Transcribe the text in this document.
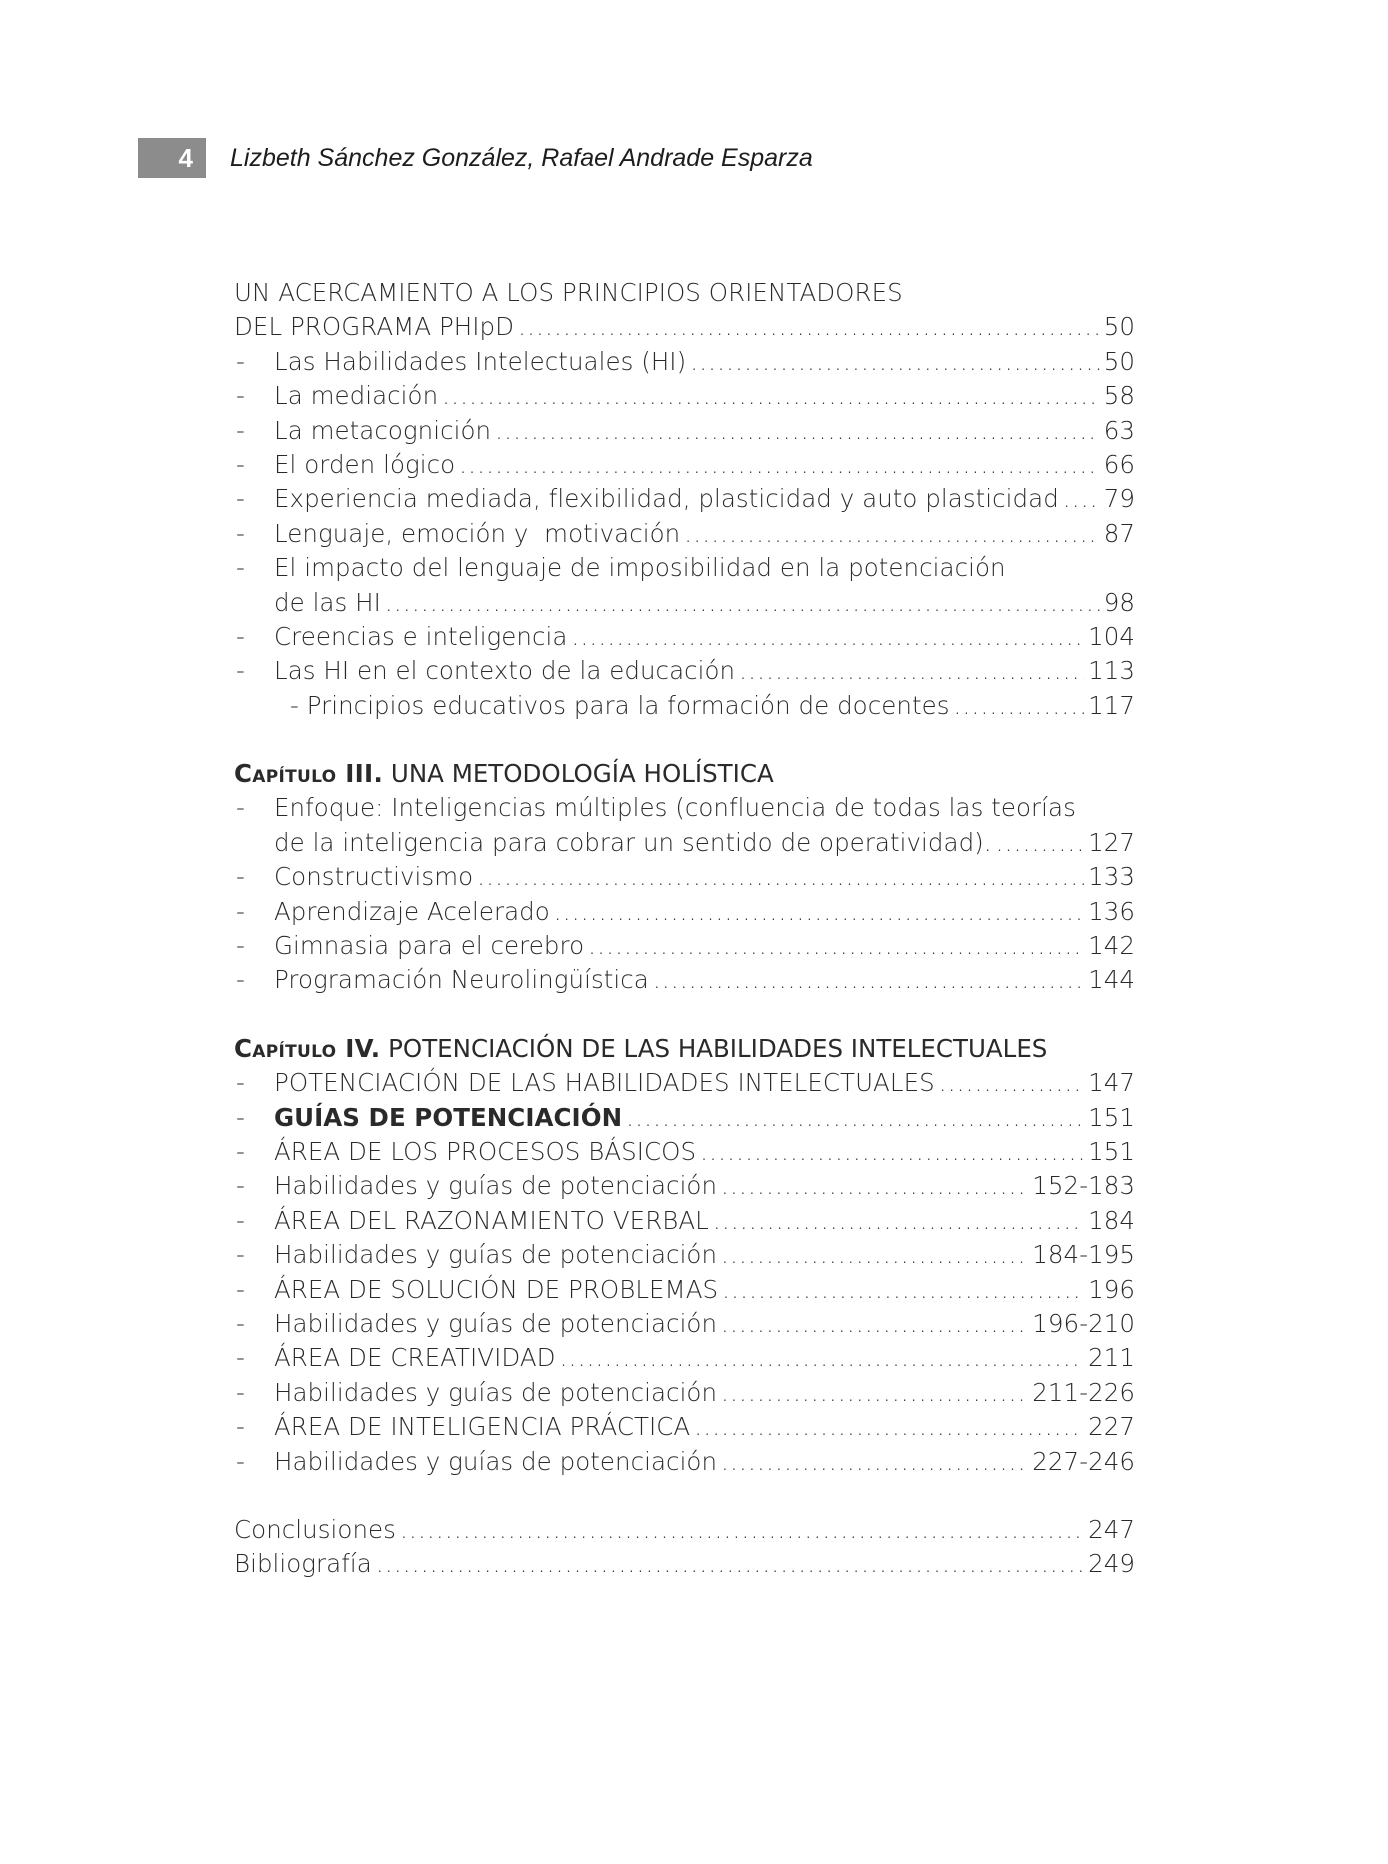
4	Lizbeth Sánchez González, Rafael Andrade Esparza
UN ACERCAMIENTO A LOS PRINCIPIOS ORIENTADORES
DEL PROGRAMA PHIpD .....	50
- Las Habilidades Intelectuales (HI) .....	50
- La mediación .....	58
- La metacognición .....	63
- El orden lógico .....	66
- Experiencia mediada, flexibilidad, plasticidad y auto plasticidad ..... 79
- Lenguaje, emoción y  motivación .....	87
- El impacto del lenguaje de imposibilidad en la potenciación
de las HI .....	98
- Creencias e inteligencia .....	104
- Las HI en el contexto de la educación .....	113
- Principios educativos para la formación de docentes .....	117
Capítulo III. UNA METODOLOGÍA HOLÍSTICA
- Enfoque: Inteligencias múltiples (confluencia de todas las teorías
de la inteligencia para cobrar un sentido de operatividad). .....	127
- Constructivismo .....	133
- Aprendizaje Acelerado .....	136
- Gimnasia para el cerebro .....	142
- Programación Neurolingüística .....	144
Capítulo IV. POTENCIACIÓN DE LAS HABILIDADES INTELECTUALES
- POTENCIACIÓN DE LAS HABILIDADES INTELECTUALES .....	147
- GUÍAS DE POTENCIACIÓN .....	151
- ÁREA DE LOS PROCESOS BÁSICOS .....	151
- Habilidades y guías de potenciación .....	152-183
- ÁREA DEL RAZONAMIENTO VERBAL .....	184
- Habilidades y guías de potenciación .....	184-195
- ÁREA DE SOLUCIÓN DE PROBLEMAS .....	196
- Habilidades y guías de potenciación .....	196-210
- ÁREA DE CREATIVIDAD .....	211
- Habilidades y guías de potenciación .....	211-226
- ÁREA DE INTELIGENCIA PRÁCTICA .....	227
- Habilidades y guías de potenciación .....	227-246
Conclusiones .....	247
Bibliografía .....	249
